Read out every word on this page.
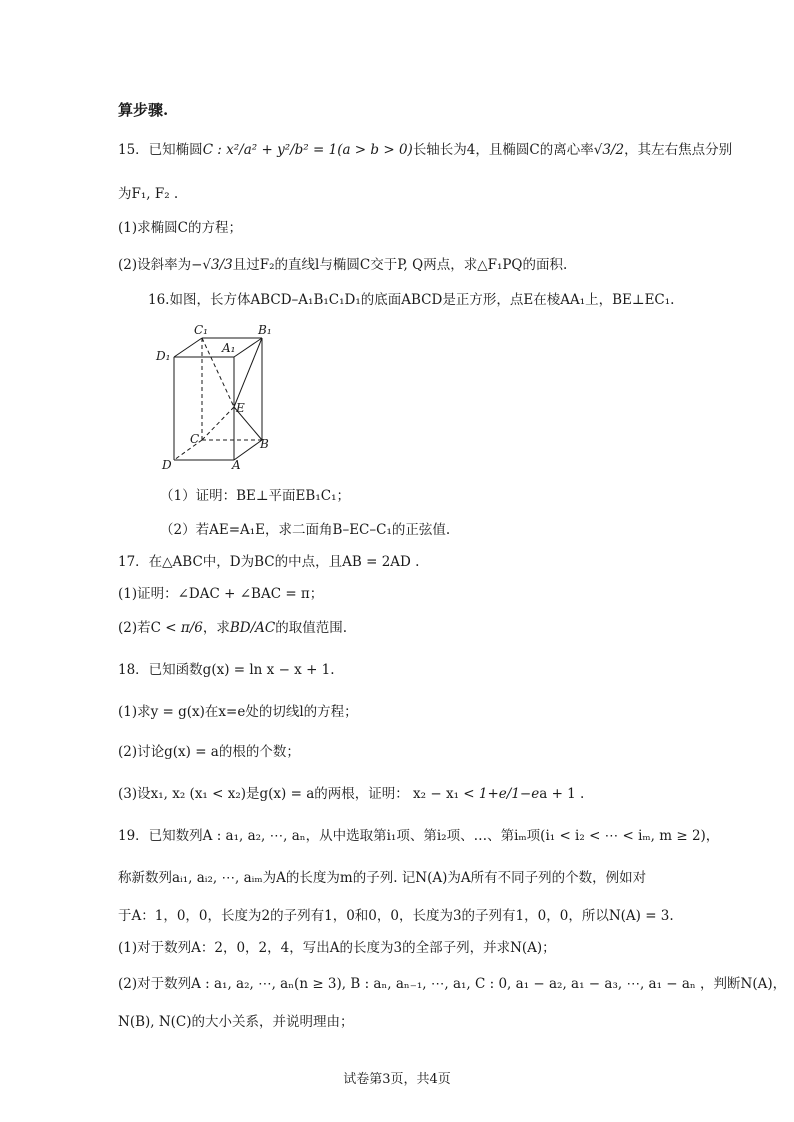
算步骤.
15．已知椭圆C : x²/a² + y²/b² = 1(a > b > 0)长轴长为4，且椭圆C的离心率√3/2，其左右焦点分别
为F₁, F₂ .
(1)求椭圆C的方程；
(2)设斜率为−√3/3且过F₂的直线l与椭圆C交于P, Q两点，求△F₁PQ的面积.
16.如图，长方体ABCD–A₁B₁C₁D₁的底面ABCD是正方形，点E在棱AA₁上，BE⊥EC₁.
C₁	B₁
D₁
A₁
E
C	B
D	A
（1）证明：BE⊥平面EB₁C₁；
（2）若AE=A₁E，求二面角B–EC–C₁的正弦值.
17．在△ABC中，D为BC的中点，且AB = 2AD .
(1)证明：∠DAC + ∠BAC = π；
(2)若C < π/6，求BD/AC的取值范围.
18．已知函数g(x) = ln x − x + 1.
(1)求y = g(x)在x=e处的切线l的方程；
(2)讨论g(x) = a的根的个数；
(3)设x₁, x₂ (x₁ < x₂)是g(x) = a的两根，证明： x₂ − x₁ < 1+e/1−ea + 1 .
19．已知数列A : a₁, a₂, ⋯, aₙ，从中选取第i₁项、第i₂项、…、第iₘ项(i₁ < i₂ < ⋯ < iₘ, m ≥ 2)，
称新数列aᵢ₁, aᵢ₂, ⋯, aᵢₘ为A的长度为m的子列. 记N(A)为A所有不同子列的个数，例如对
于A：1，0，0，长度为2的子列有1，0和0，0，长度为3的子列有1，0，0，所以N(A) = 3.
(1)对于数列A：2，0，2，4，写出A的长度为3的全部子列，并求N(A)；
(2)对于数列A : a₁, a₂, ⋯, aₙ(n ≥ 3), B : aₙ, aₙ₋₁, ⋯, a₁, C : 0, a₁ − a₂, a₁ − a₃, ⋯, a₁ − aₙ ，判断N(A)，
N(B), N(C)的大小关系，并说明理由；
试卷第3页，共4页
